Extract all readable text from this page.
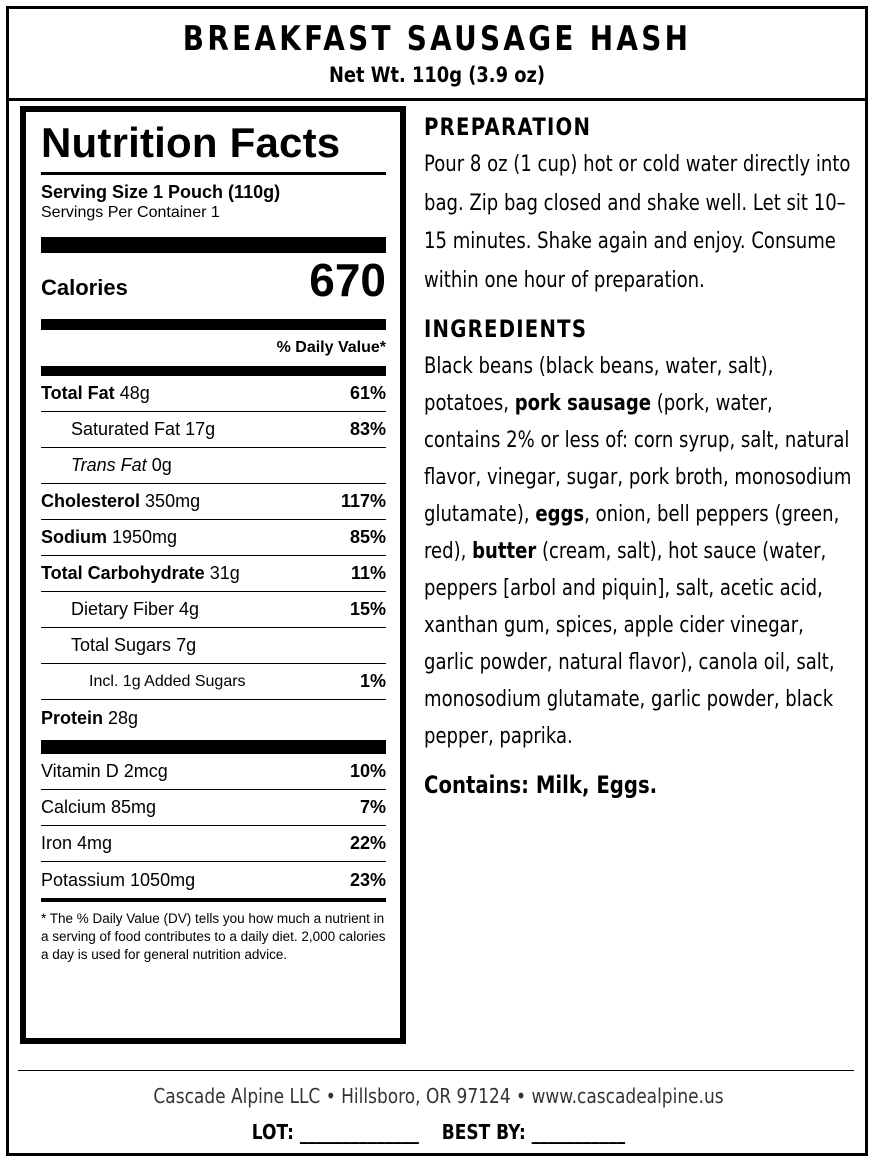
BREAKFAST SAUSAGE HASH
Net Wt. 110g (3.9 oz)
Nutrition Facts
Serving Size 1 Pouch (110g)
Servings Per Container 1
Calories	670
% Daily Value*
Total Fat 48g	61%
Saturated Fat 17g	83%
Trans Fat 0g
Cholesterol 350mg	117%
Sodium 1950mg	85%
Total Carbohydrate 31g	11%
Dietary Fiber 4g	15%
Total Sugars 7g
Incl. 1g Added Sugars	1%
Protein 28g
Vitamin D 2mcg	10%
Calcium 85mg	7%
Iron 4mg	22%
Potassium 1050mg	23%
* The % Daily Value (DV) tells you how much a nutrient in a serving of food contributes to a daily diet. 2,000 calories a day is used for general nutrition advice.
PREPARATION
Pour 8 oz (1 cup) hot or cold water directly into bag. Zip bag closed and shake well. Let sit 10–15 minutes. Shake again and enjoy. Consume within one hour of preparation.
INGREDIENTS
Black beans (black beans, water, salt), potatoes, pork sausage (pork, water, contains 2% or less of: corn syrup, salt, natural flavor, vinegar, sugar, pork broth, monosodium glutamate), eggs, onion, bell peppers (green, red), butter (cream, salt), hot sauce (water, peppers [arbol and piquin], salt, acetic acid, xanthan gum, spices, apple cider vinegar, garlic powder, natural flavor), canola oil, salt, monosodium glutamate, garlic powder, black pepper, paprika.
Contains: Milk, Eggs.
Cascade Alpine LLC • Hillsboro, OR 97124 • www.cascadealpine.us
LOT: ______________ BEST BY: ___________
